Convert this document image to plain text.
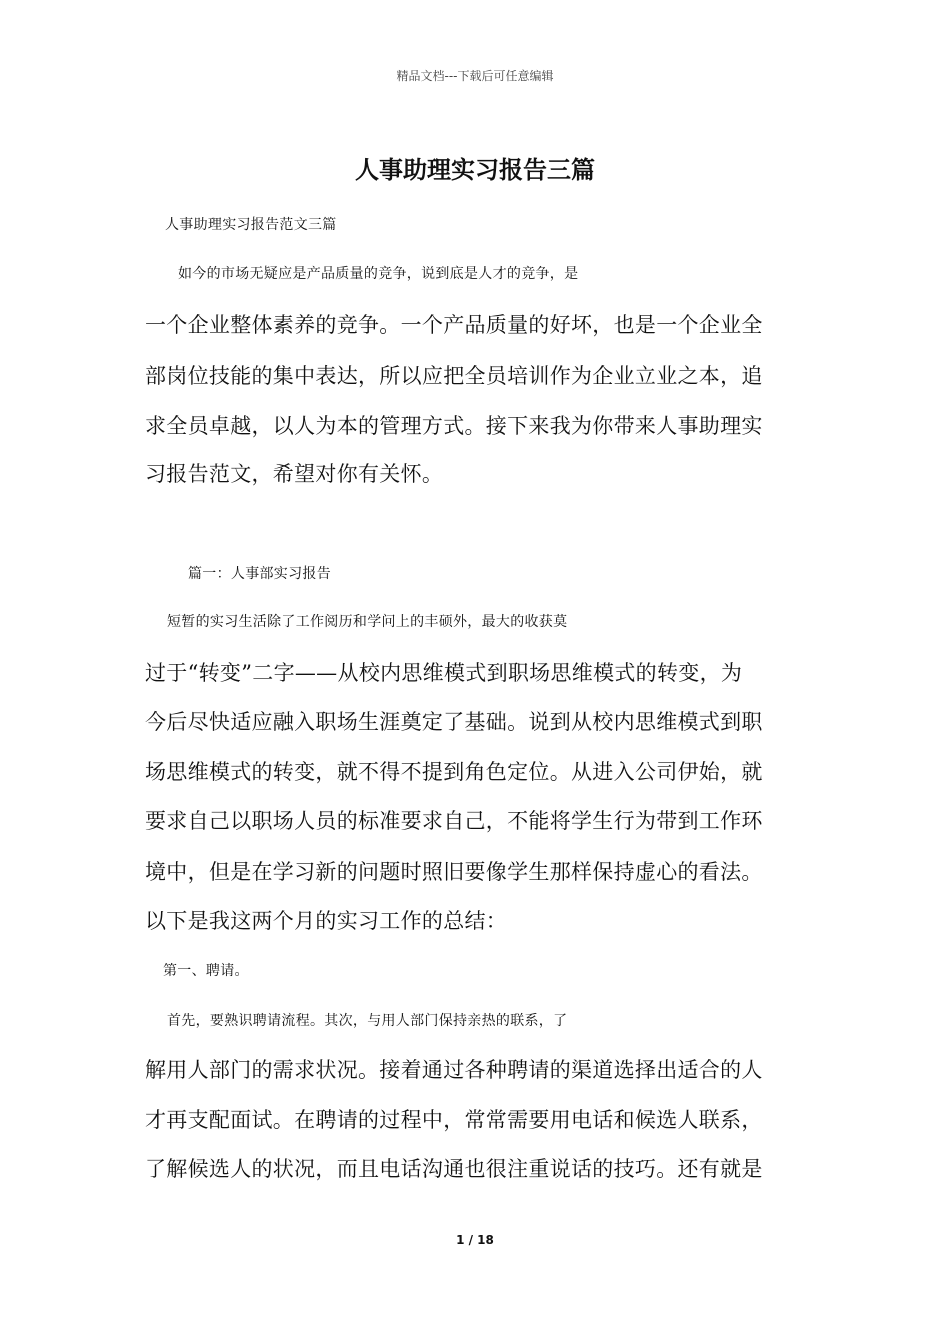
精品文档---下载后可任意编辑
人事助理实习报告三篇
人事助理实习报告范文三篇
如今的市场无疑应是产品质量的竞争，说到底是人才的竞争，是
一个企业整体素养的竞争。一个产品质量的好坏，也是一个企业全
部岗位技能的集中表达，所以应把全员培训作为企业立业之本，追
求全员卓越，以人为本的管理方式。接下来我为你带来人事助理实
习报告范文，希望对你有关怀。
篇一：人事部实习报告
短暂的实习生活除了工作阅历和学问上的丰硕外，最大的收获莫
过于“转变”二字——从校内思维模式到职场思维模式的转变，为
今后尽快适应融入职场生涯奠定了基础。说到从校内思维模式到职
场思维模式的转变，就不得不提到角色定位。从进入公司伊始，就
要求自己以职场人员的标准要求自己，不能将学生行为带到工作环
境中，但是在学习新的问题时照旧要像学生那样保持虚心的看法。
以下是我这两个月的实习工作的总结：
第一、聘请。
首先，要熟识聘请流程。其次，与用人部门保持亲热的联系，了
解用人部门的需求状况。接着通过各种聘请的渠道选择出适合的人
才再支配面试。在聘请的过程中，常常需要用电话和候选人联系，
了解候选人的状况，而且电话沟通也很注重说话的技巧。还有就是
1 / 18
